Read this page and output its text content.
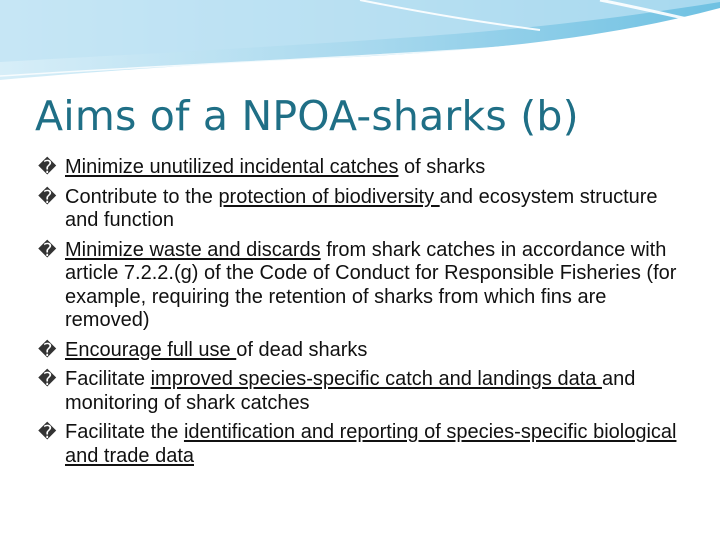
Aims of a NPOA-sharks (b)
� Minimize unutilized incidental catches of sharks
� Contribute to the protection of biodiversity and ecosystem structure and function
� Minimize waste and discards from shark catches in accordance with article 7.2.2.(g) of the Code of Conduct for Responsible Fisheries (for example, requiring the retention of sharks from which fins are removed)
� Encourage full use of dead sharks
� Facilitate improved species-specific catch and landings data and monitoring of shark catches
� Facilitate the identification and reporting of species-specific biological and trade data
